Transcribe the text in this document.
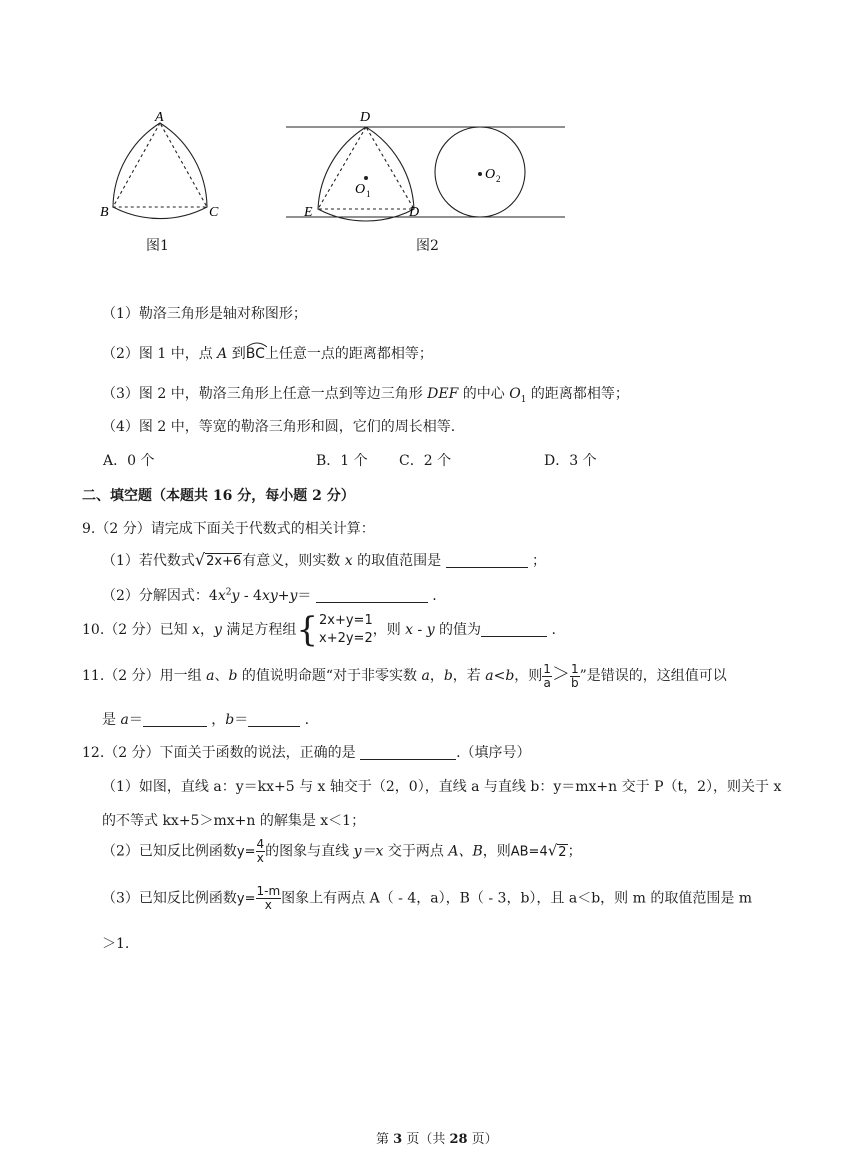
A
B	C
D
E	D
O 1
O 2
图1	图2
（1）勒洛三角形是轴对称图形；
（2）图 1 中，点 A 到
BC上任意一点的距离都相等；
（3）图 2 中，勒洛三角形上任意一点到等边三角形 DEF 的中心 $O_1$ 的距离都相等；
（4）图 2 中，等宽的勒洛三角形和圆，它们的周长相等.
A．0 个	B．1 个 C．2 个	D．3 个
二、填空题（本题共 16 分，每小题 2 分）
9.（2 分）请完成下面关于代数式的相关计算：
（1）若代数式√2x+6有意义，则实数 x 的取值范围是	；
（2）分解因式：$4x^2y - 4xy+y=$	.
10.（2 分）已知 x，y 满足方程组 { 2x+y=1
x+2y=2
，则 x - y 的值为	.
11.（2 分）用一组 a、b 的值说明命题“对于非零实数 a，b，若 a<b，则 $\frac{1}{a} > \frac{1}{b}$ ”是错误的，这组值可以
是 a＝	，b＝	.
12.（2 分）下面关于函数的说法，正确的是	.（填序号）
（1）如图，直线 a：y＝kx+5 与 x 轴交于（2，0），直线 a 与直线 b：y＝mx+n 交于 P（t，2），则关于 x
的不等式 kx+5＞mx+n 的解集是 x＜1；
（2）已知反比例函数$y= \frac{4}{x}$ 的图象与直线 y＝x 交于两点 A、B，则AB=4√2；
（3）已知反比例函数$y= \frac{1-m}{x}$ 图象上有两点 A（ - 4，a），B（ - 3，b），且 a＜b，则 m 的取值范围是 m
＞1.
第 3 页（共 28 页）
